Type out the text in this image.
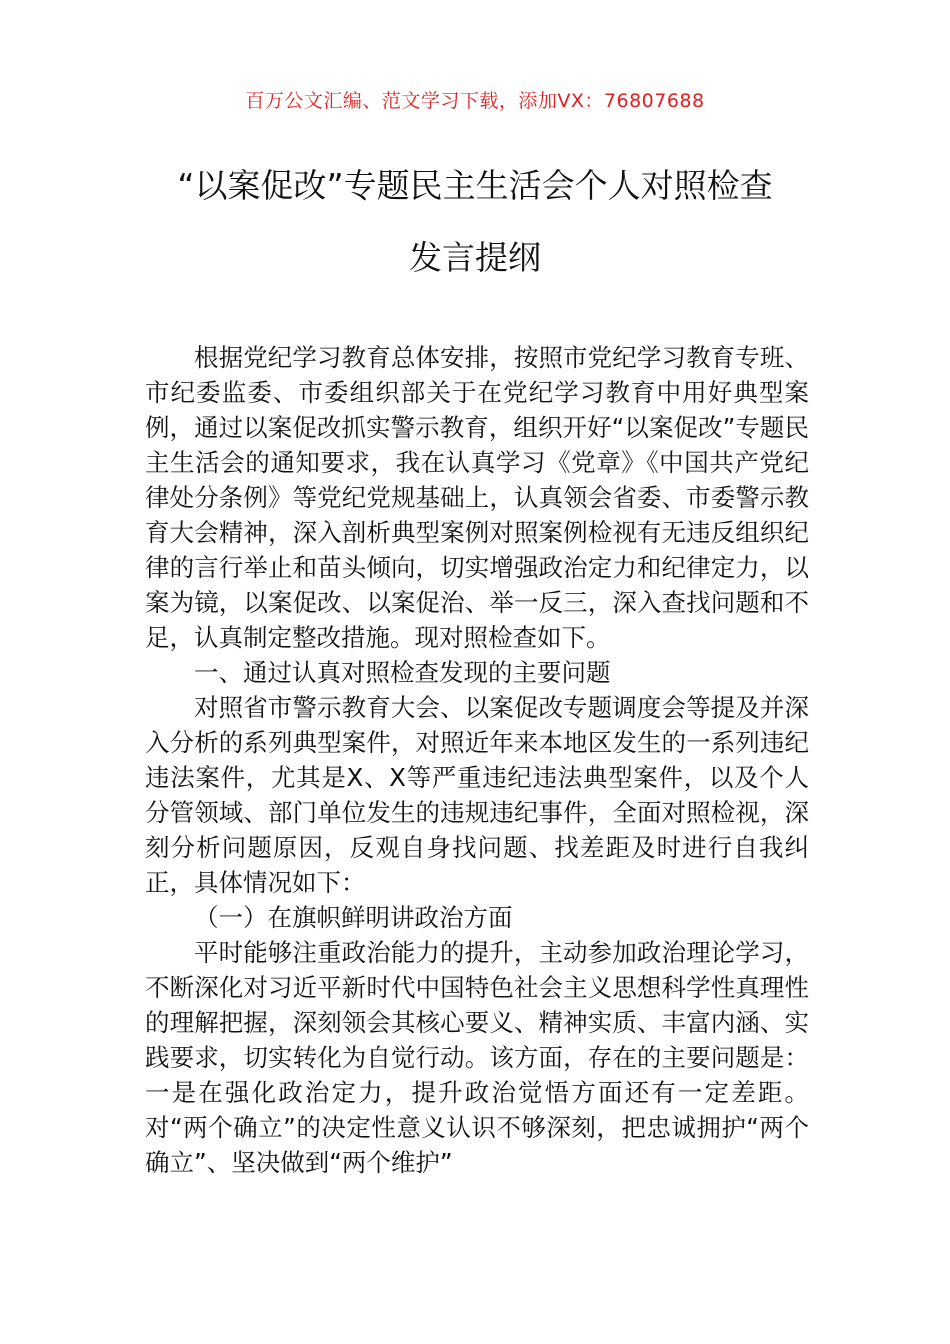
百万公文汇编、范文学习下载，添加VX：76807688
“以案促改”专题民主生活会个人对照检查
发言提纲

根据党纪学习教育总体安排，按照市党纪学习教育专班、市纪委监委、市委组织部关于在党纪学习教育中用好典型案例，通过以案促改抓实警示教育，组织开好“以案促改”专题民主生活会的通知要求，我在认真学习《党章》《中国共产党纪律处分条例》等党纪党规基础上，认真领会省委、市委警示教育大会精神，深入剖析典型案例对照案例检视有无违反组织纪律的言行举止和苗头倾向，切实增强政治定力和纪律定力，以案为镜，以案促改、以案促治、举一反三，深入查找问题和不足，认真制定整改措施。现对照检查如下。

一、通过认真对照检查发现的主要问题

对照省市警示教育大会、以案促改专题调度会等提及并深入分析的系列典型案件，对照近年来本地区发生的一系列违纪违法案件，尤其是X、X等严重违纪违法典型案件，以及个人分管领域、部门单位发生的违规违纪事件，全面对照检视，深刻分析问题原因，反观自身找问题、找差距及时进行自我纠正，具体情况如下：

（一）在旗帜鲜明讲政治方面

平时能够注重政治能力的提升，主动参加政治理论学习，不断深化对习近平新时代中国特色社会主义思想科学性真理性的理解把握，深刻领会其核心要义、精神实质、丰富内涵、实践要求，切实转化为自觉行动。该方面，存在的主要问题是：一是在强化政治定力，提升政治觉悟方面还有一定差距。对“两个确立”的决定性意义认识不够深刻，把忠诚拥护“两个确立”、坚决做到“两个维护”
